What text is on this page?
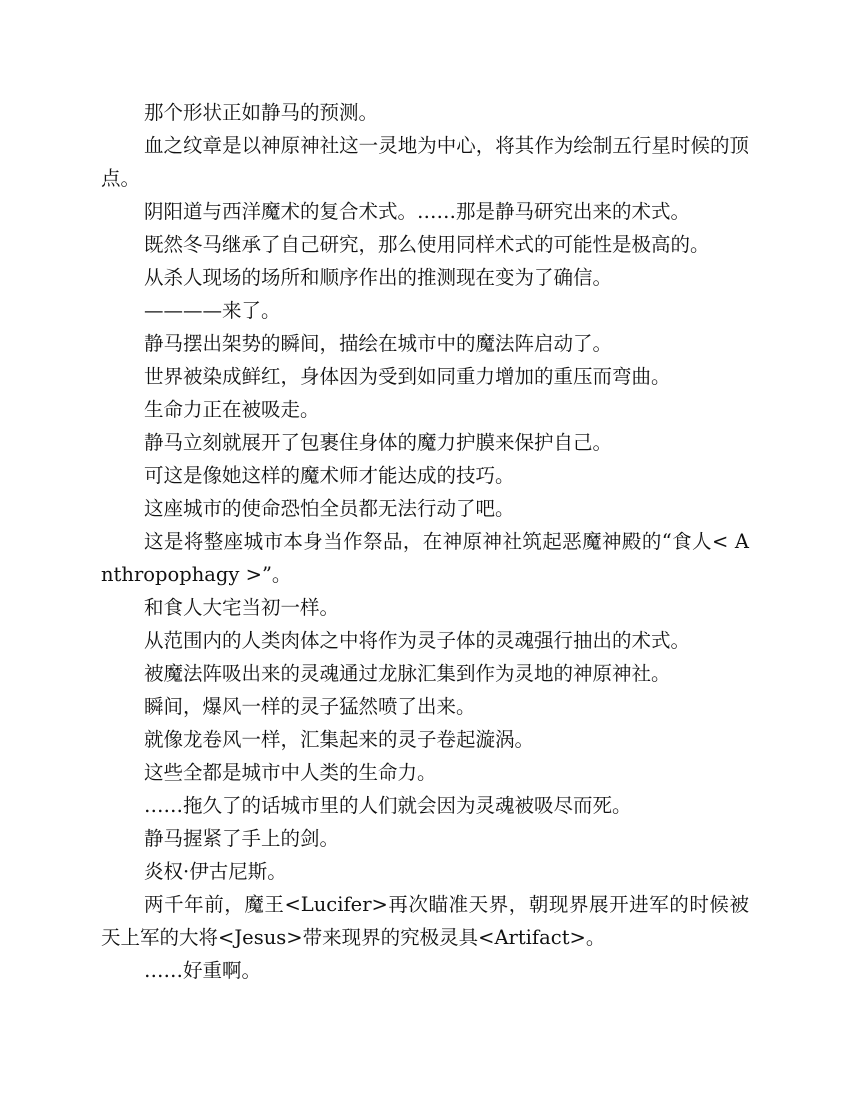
那个形状正如静马的预测。

血之纹章是以神原神社这一灵地为中心，将其作为绘制五行星时候的顶点。

阴阳道与西洋魔术的复合术式。……那是静马研究出来的术式。

既然冬马继承了自己研究，那么使用同样术式的可能性是极高的。

从杀人现场的场所和顺序作出的推测现在变为了确信。

————来了。

静马摆出架势的瞬间，描绘在城市中的魔法阵启动了。

世界被染成鲜红，身体因为受到如同重力增加的重压而弯曲。

生命力正在被吸走。

静马立刻就展开了包裹住身体的魔力护膜来保护自己。

可这是像她这样的魔术师才能达成的技巧。

这座城市的使命恐怕全员都无法行动了吧。

这是将整座城市本身当作祭品，在神原神社筑起恶魔神殿的“食人< Anthropophagy >”。

和食人大宅当初一样。

从范围内的人类肉体之中将作为灵子体的灵魂强行抽出的术式。

被魔法阵吸出来的灵魂通过龙脉汇集到作为灵地的神原神社。

瞬间，爆风一样的灵子猛然喷了出来。

就像龙卷风一样，汇集起来的灵子卷起漩涡。

这些全都是城市中人类的生命力。

……拖久了的话城市里的人们就会因为灵魂被吸尽而死。

静马握紧了手上的剑。

炎权·伊古尼斯。

两千年前，魔王<Lucifer>再次瞄准天界，朝现界展开进军的时候被天上军的大将<Jesus>带来现界的究极灵具<Artifact>。

……好重啊。
